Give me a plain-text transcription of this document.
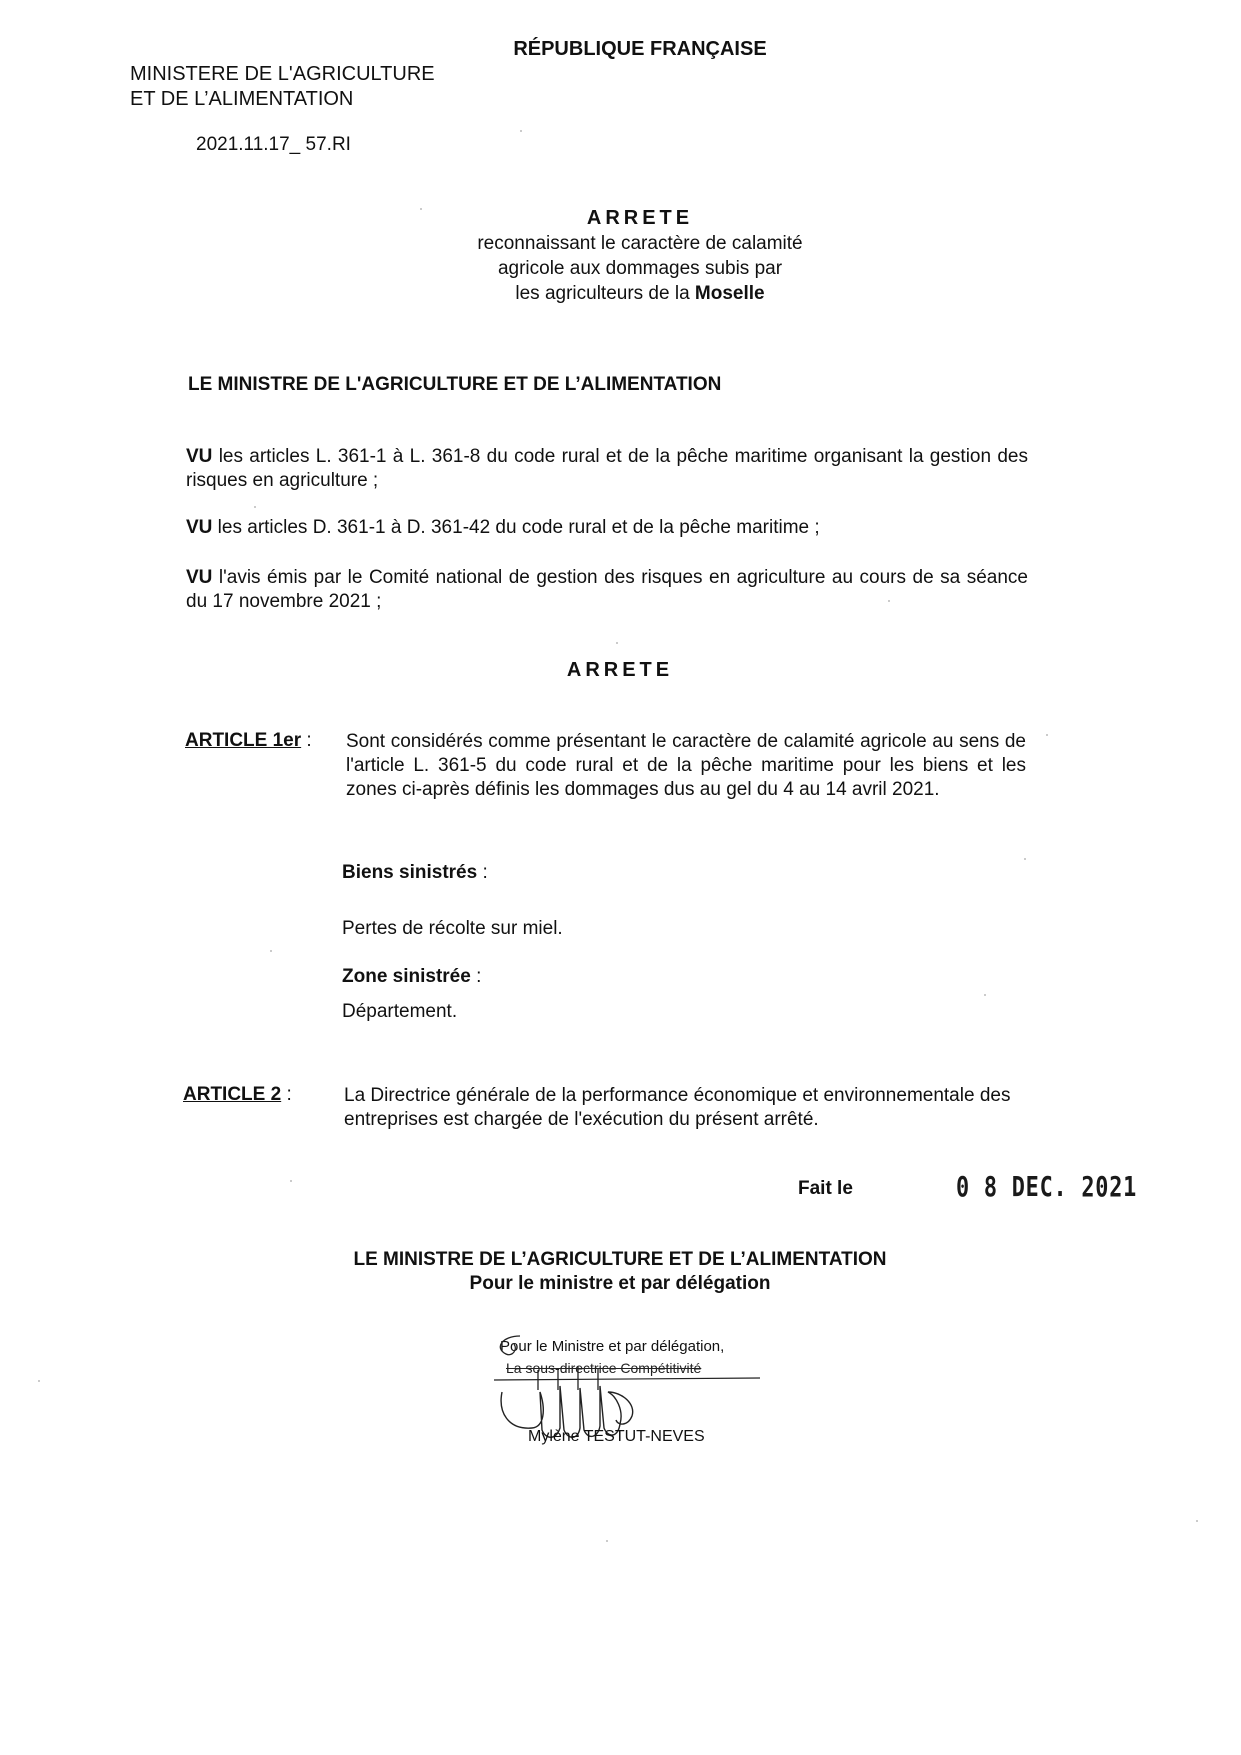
RÉPUBLIQUE FRANÇAISE
MINISTERE DE L'AGRICULTURE
ET DE L’ALIMENTATION
2021.11.17_ 57.RI
ARRETE
reconnaissant le caractère de calamité
agricole aux dommages subis par
les agriculteurs de la Moselle
LE MINISTRE DE L'AGRICULTURE ET DE L’ALIMENTATION
VU les articles L. 361-1 à L. 361-8 du code rural et de la pêche maritime organisant la gestion des risques en agriculture ;
VU les articles D. 361-1 à D. 361-42 du code rural et de la pêche maritime ;
VU l'avis émis par le Comité national de gestion des risques en agriculture au cours de sa séance du 17 novembre 2021 ;
ARRETE
ARTICLE 1er : Sont considérés comme présentant le caractère de calamité agricole au sens de l'article L. 361-5 du code rural et de la pêche maritime pour les biens et les zones ci-après définis les dommages dus au gel du 4 au 14 avril 2021.
Biens sinistrés :
Pertes de récolte sur miel.
Zone sinistrée :
Département.
ARTICLE 2 :	La Directrice générale de la performance économique et environnementale des entreprises est chargée de l'exécution du présent arrêté.
Fait le	0 8 DEC. 2021
LE MINISTRE DE L’AGRICULTURE ET DE L’ALIMENTATION
Pour le ministre et par délégation
Pour le Ministre et par délégation,
La sous-directrice Compétitivité
Mylène TESTUT-NEVES
